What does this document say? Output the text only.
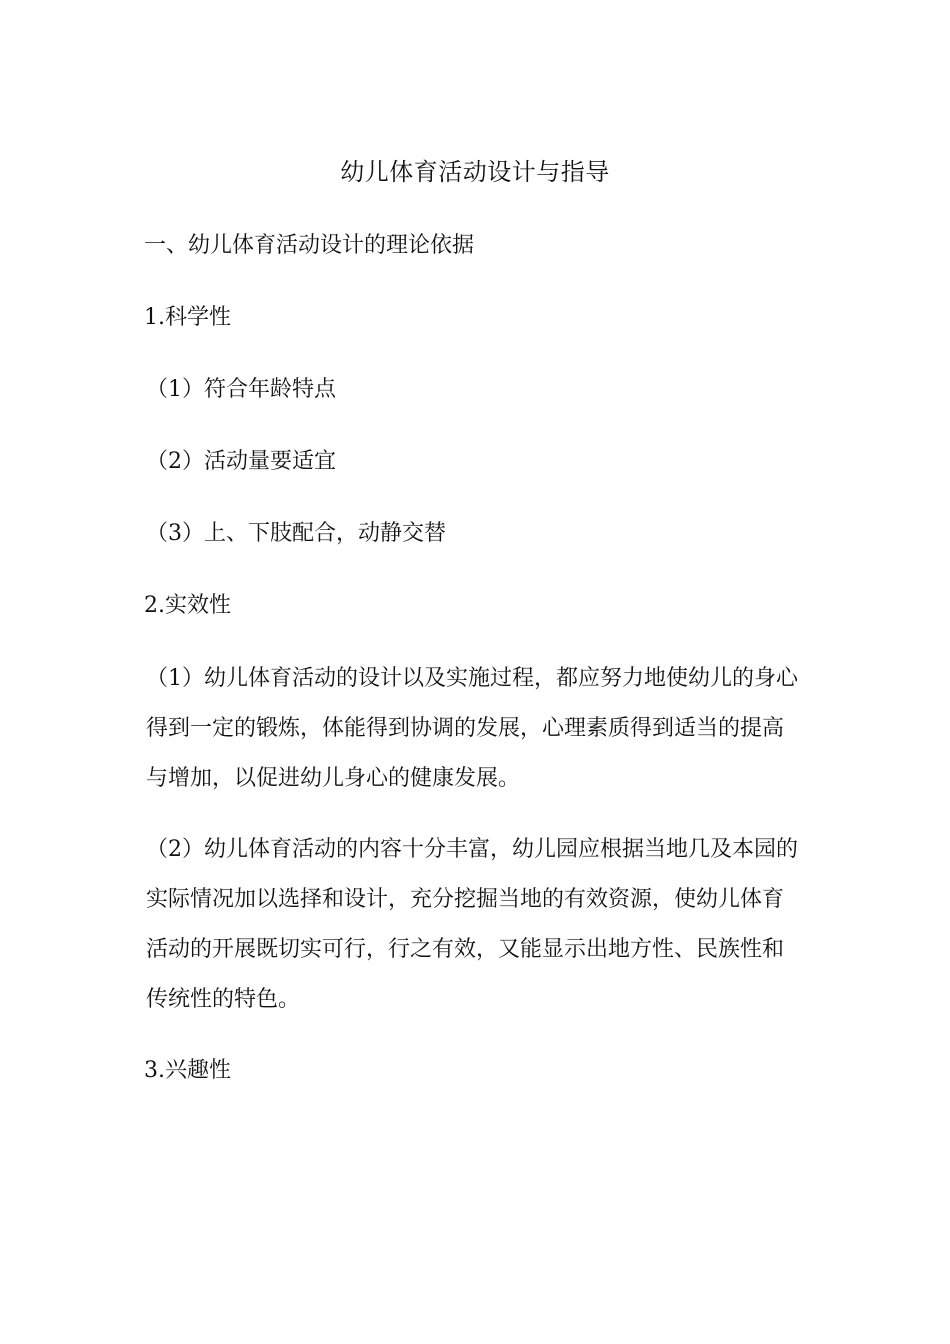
幼儿体育活动设计与指导
一、幼儿体育活动设计的理论依据
1.科学性
（1）符合年龄特点
（2）活动量要适宜
（3）上、下肢配合，动静交替
2.实效性
（1）幼儿体育活动的设计以及实施过程，都应努力地使幼儿的身心
得到一定的锻炼，体能得到协调的发展，心理素质得到适当的提高
与增加，以促进幼儿身心的健康发展。
（2）幼儿体育活动的内容十分丰富，幼儿园应根据当地几及本园的
实际情况加以选择和设计，充分挖掘当地的有效资源，使幼儿体育
活动的开展既切实可行，行之有效，又能显示出地方性、民族性和
传统性的特色。
3.兴趣性
